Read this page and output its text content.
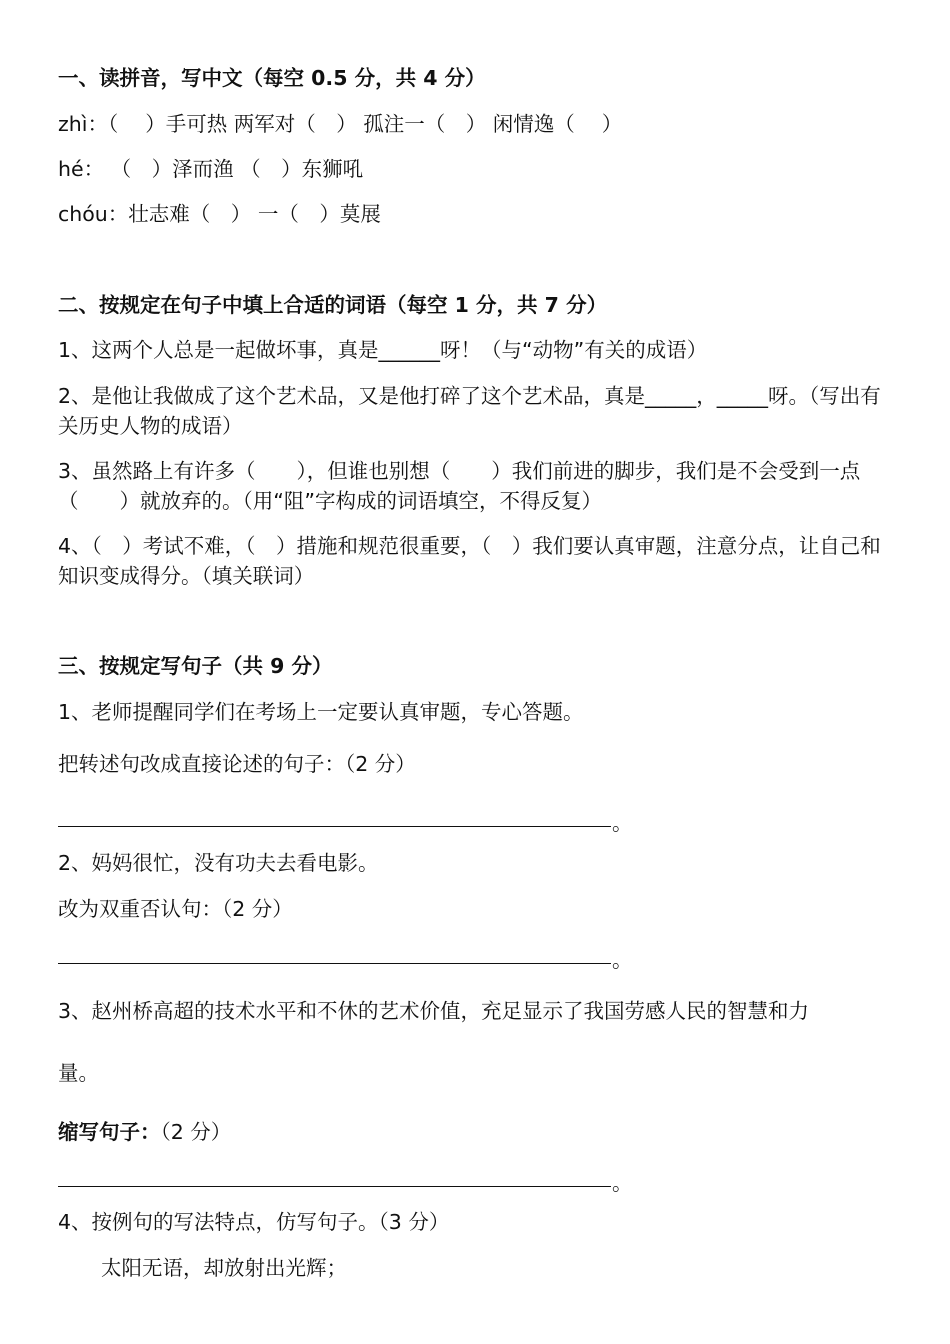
一、读拼音，写中文（每空 0.5 分，共 4 分）
zhì：（　 ）手可热 两军对（　） 孤注一（　） 闲情逸（　 ）
hé： （　）泽而渔 （　）东狮吼
chóu：壮志难（　） 一（　）莫展
二、按规定在句子中填上合适的词语（每空 1 分，共 7 分）
1、这两个人总是一起做坏事，真是______呀！（与“动物”有关的成语）
2、是他让我做成了这个艺术品，又是他打碎了这个艺术品，真是_____，_____呀。（写出有关历史人物的成语）
3、虽然路上有许多（　　），但谁也别想（　　）我们前进的脚步，我们是不会受到一点（　　）就放弃的。（用“阻”字构成的词语填空，不得反复）
4、（　）考试不难，（　）措施和规范很重要，（　）我们要认真审题，注意分点，让自己和知识变成得分。（填关联词）
三、按规定写句子（共 9 分）
1、老师提醒同学们在考场上一定要认真审题，专心答题。
把转述句改成直接论述的句子：（2 分）
。
2、妈妈很忙，没有功夫去看电影。
改为双重否认句：（2 分）
。
3、赵州桥高超的技术水平和不休的艺术价值，充足显示了我国劳感人民的智慧和力
量。
缩写句子：（2 分）
。
4、按例句的写法特点，仿写句子。（3 分）
太阳无语，却放射出光辉；
